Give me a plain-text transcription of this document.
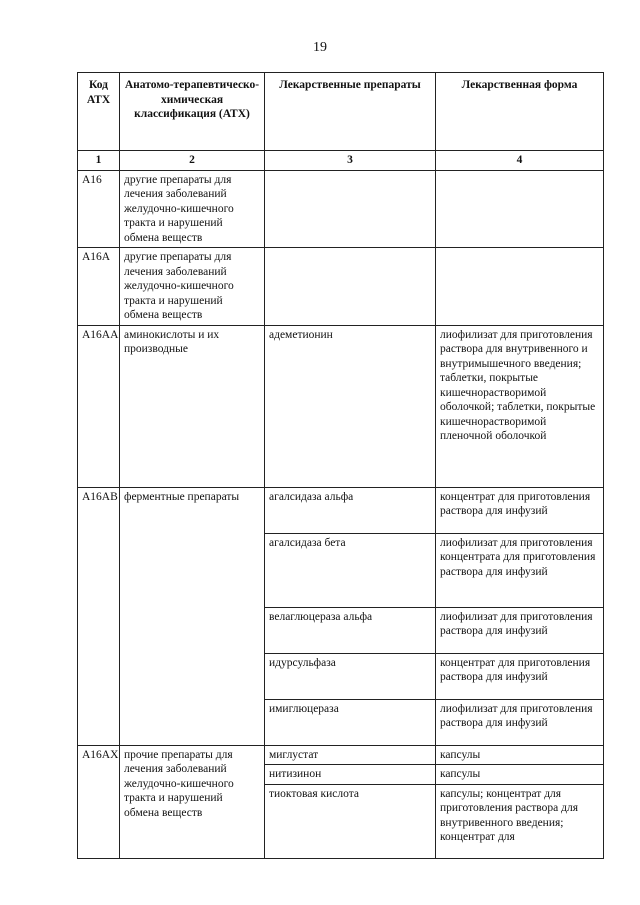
19
Код АТХ	Анатомо-терапевтическо-химическая классификация (АТХ)	Лекарственные препараты	Лекарственная форма
1	2	3	4
A16	другие препараты для лечения заболеваний желудочно-кишечного тракта и нарушений обмена веществ		
A16A	другие препараты для лечения заболеваний желудочно-кишечного тракта и нарушений обмена веществ		
A16AA	аминокислоты и их производные	адеметионин	лиофилизат для приготовления раствора для внутривенного и внутримышечного введения; таблетки, покрытые кишечнорастворимой оболочкой; таблетки, покрытые кишечнорастворимой пленочной оболочкой
A16AB	ферментные препараты	агалсидаза альфа	концентрат для приготовления раствора для инфузий
		агалсидаза бета	лиофилизат для приготовления концентрата для приготовления раствора для инфузий
		велаглюцераза альфа	лиофилизат для приготовления раствора для инфузий
		идурсульфаза	концентрат для приготовления раствора для инфузий
		имиглюцераза	лиофилизат для приготовления раствора для инфузий
A16AX	прочие препараты для лечения заболеваний желудочно-кишечного тракта и нарушений обмена веществ	миглустат	капсулы
		нитизинон	капсулы
		тиоктовая кислота	капсулы; концентрат для приготовления раствора для внутривенного введения; концентрат для
